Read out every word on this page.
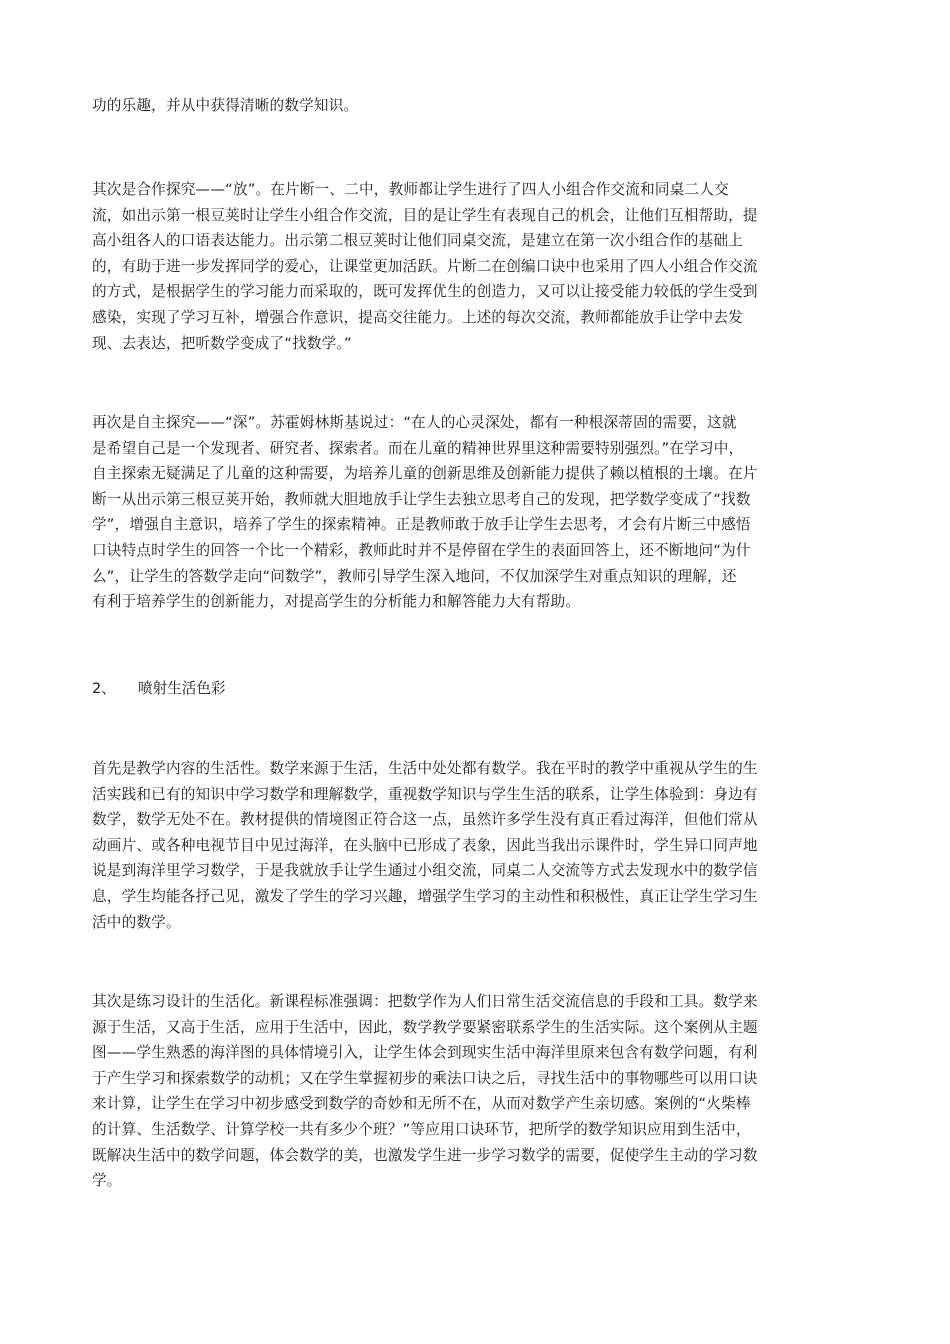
功的乐趣，并从中获得清晰的数学知识。

其次是合作探究——“放”。在片断一、二中，教师都让学生进行了四人小组合作交流和同桌二人交
流，如出示第一根豆荚时让学生小组合作交流，目的是让学生有表现自己的机会，让他们互相帮助，提
高小组各人的口语表达能力。出示第二根豆荚时让他们同桌交流，是建立在第一次小组合作的基础上
的，有助于进一步发挥同学的爱心，让课堂更加活跃。片断二在创编口诀中也采用了四人小组合作交流
的方式，是根据学生的学习能力而采取的，既可发挥优生的创造力，又可以让接受能力较低的学生受到
感染，实现了学习互补，增强合作意识，提高交往能力。上述的每次交流，教师都能放手让学中去发
现、去表达，把听数学变成了“找数学。”

再次是自主探究——“深”。苏霍姆林斯基说过：“在人的心灵深处，都有一种根深蒂固的需要，这就
是希望自己是一个发现者、研究者、探索者。而在儿童的精神世界里这种需要特别强烈。”在学习中，
自主探索无疑满足了儿童的这种需要，为培养儿童的创新思维及创新能力提供了赖以植根的土壤。在片
断一从出示第三根豆荚开始，教师就大胆地放手让学生去独立思考自己的发现，把学数学变成了“找数
学”，增强自主意识，培养了学生的探索精神。正是教师敢于放手让学生去思考，才会有片断三中感悟
口诀特点时学生的回答一个比一个精彩，教师此时并不是停留在学生的表面回答上，还不断地问“为什
么”，让学生的答数学走向“问数学”，教师引导学生深入地问，不仅加深学生对重点知识的理解，还
有利于培养学生的创新能力，对提高学生的分析能力和解答能力大有帮助。

2、	喷射生活色彩

首先是教学内容的生活性。数学来源于生活，生活中处处都有数学。我在平时的教学中重视从学生的生
活实践和已有的知识中学习数学和理解数学，重视数学知识与学生生活的联系，让学生体验到：身边有
数学，数学无处不在。教材提供的情境图正符合这一点，虽然许多学生没有真正看过海洋，但他们常从
动画片、或各种电视节目中见过海洋，在头脑中已形成了表象，因此当我出示课件时，学生异口同声地
说是到海洋里学习数学，于是我就放手让学生通过小组交流，同桌二人交流等方式去发现水中的数学信
息，学生均能各抒己见，激发了学生的学习兴趣，增强学生学习的主动性和积极性，真正让学生学习生
活中的数学。

其次是练习设计的生活化。新课程标准强调：把数学作为人们日常生活交流信息的手段和工具。数学来
源于生活，又高于生活，应用于生活中，因此，数学教学要紧密联系学生的生活实际。这个案例从主题
图——学生熟悉的海洋图的具体情境引入，让学生体会到现实生活中海洋里原来包含有数学问题，有利
于产生学习和探索数学的动机；又在学生掌握初步的乘法口诀之后，寻找生活中的事物哪些可以用口诀
来计算，让学生在学习中初步感受到数学的奇妙和无所不在，从而对数学产生亲切感。案例的“火柴棒
的计算、生活数学、计算学校一共有多少个班？”等应用口诀环节，把所学的数学知识应用到生活中，
既解决生活中的数学问题，体会数学的美，也激发学生进一步学习数学的需要，促使学生主动的学习数
学。
